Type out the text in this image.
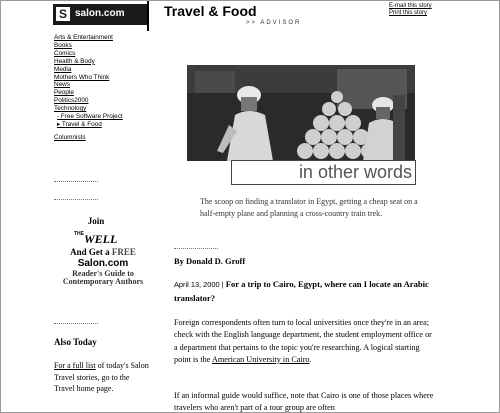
S salon.com	Travel & Food
>> ADVISOR
E-mail this story
Print this story
Arts & Entertainment
Books
Comics
Health & Body
Media
Mothers Who Think
News
People
Politics2000
Technology
- Free Software Project
▸ Travel & Food
Columnists
Join
THE WELL
And Get a FREE
Salon.com
Reader's Guide to Contemporary Authors
Also Today
For a full list of today's Salon Travel stories, go to the Travel home page.
in other words
The scoop on finding a translator in Egypt, getting a cheap seat on a half-empty plane and planning a cross-country train trek.
By Donald D. Groff
April 13, 2000 | For a trip to Cairo, Egypt, where can I locate an Arabic translator?
Foreign correspondents often turn to local universities once they're in an area; check with the English language department, the student employment office or a department that pertains to the topic you're researching. A logical starting point is the American University in Cairo.
If an informal guide would suffice, note that Cairo is one of those places where travelers who aren't part of a tour group are often
